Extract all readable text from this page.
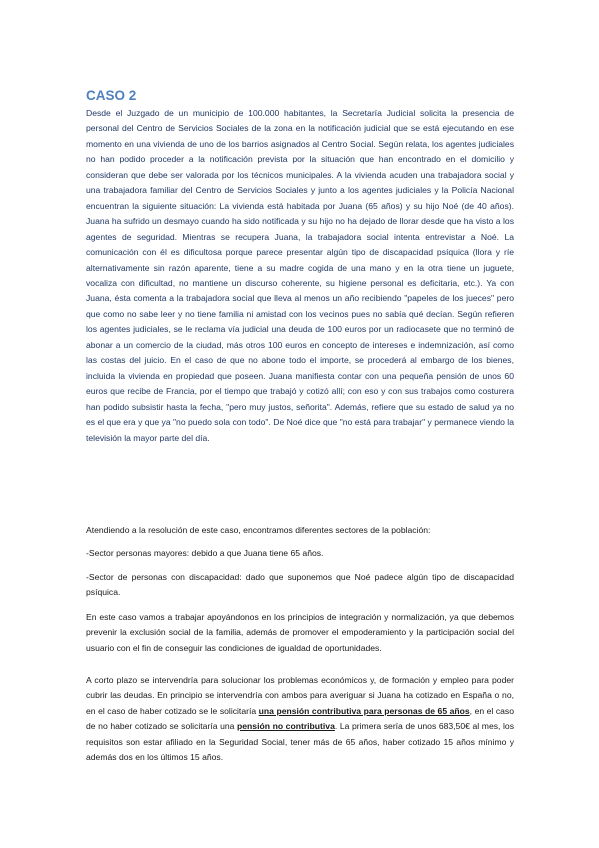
CASO 2

Desde el Juzgado de un municipio de 100.000 habitantes, la Secretaría Judicial solicita la presencia de personal del Centro de Servicios Sociales de la zona en la notificación judicial que se está ejecutando en ese momento en una vivienda de uno de los barrios asignados al Centro Social. Según relata, los agentes judiciales no han podido proceder a la notificación prevista por la situación que han encontrado en el domicilio y consideran que debe ser valorada por los técnicos municipales. A la vivienda acuden una trabajadora social y una trabajadora familiar del Centro de Servicios Sociales y junto a los agentes judiciales y la Policía Nacional encuentran la siguiente situación: La vivienda está habitada por Juana (65 años) y su hijo Noé (de 40 años). Juana ha sufrido un desmayo cuando ha sido notificada y su hijo no ha dejado de llorar desde que ha visto a los agentes de seguridad. Mientras se recupera Juana, la trabajadora social intenta entrevistar a Noé. La comunicación con él es dificultosa porque parece presentar algún tipo de discapacidad psíquica (llora y ríe alternativamente sin razón aparente, tiene a su madre cogida de una mano y en la otra tiene un juguete, vocaliza con dificultad, no mantiene un discurso coherente, su higiene personal es deficitaria, etc.). Ya con Juana, ésta comenta a la trabajadora social que lleva al menos un año recibiendo "papeles de los jueces" pero que como no sabe leer y no tiene familia ni amistad con los vecinos pues no sabía qué decían. Según refieren los agentes judiciales, se le reclama vía judicial una deuda de 100 euros por un radiocasete que no terminó de abonar a un comercio de la ciudad, más otros 100 euros en concepto de intereses e indemnización, así como las costas del juicio. En el caso de que no abone todo el importe, se procederá al embargo de los bienes, incluida la vivienda en propiedad que poseen. Juana manifiesta contar con una pequeña pensión de unos 60 euros que recibe de Francia, por el tiempo que trabajó y cotizó allí; con eso y con sus trabajos como costurera han podido subsistir hasta la fecha, "pero muy justos, señorita". Además, refiere que su estado de salud ya no es el que era y que ya "no puedo sola con todo". De Noé dice que "no está para trabajar" y permanece viendo la televisión la mayor parte del día.

Atendiendo a la resolución de este caso, encontramos diferentes sectores de la población:

-Sector personas mayores: debido a que Juana tiene 65 años.

-Sector de personas con discapacidad: dado que suponemos que Noé padece algún tipo de discapacidad psíquica.

En este caso vamos a trabajar apoyándonos en los principios de integración y normalización, ya que debemos prevenir la exclusión social de la familia, además de promover el empoderamiento y la participación social del usuario con el fin de conseguir las condiciones de igualdad de oportunidades.

A corto plazo se intervendría para solucionar los problemas económicos y, de formación y empleo para poder cubrir las deudas. En principio se intervendría con ambos para averiguar si Juana ha cotizado en España o no, en el caso de haber cotizado se le solicitaría una pensión contributiva para personas de 65 años, en el caso de no haber cotizado se solicitaría una pensión no contributiva. La primera sería de unos 683,50€ al mes, los requisitos son estar afiliado en la Seguridad Social, tener más de 65 años, haber cotizado 15 años mínimo y además dos en los últimos 15 años.
